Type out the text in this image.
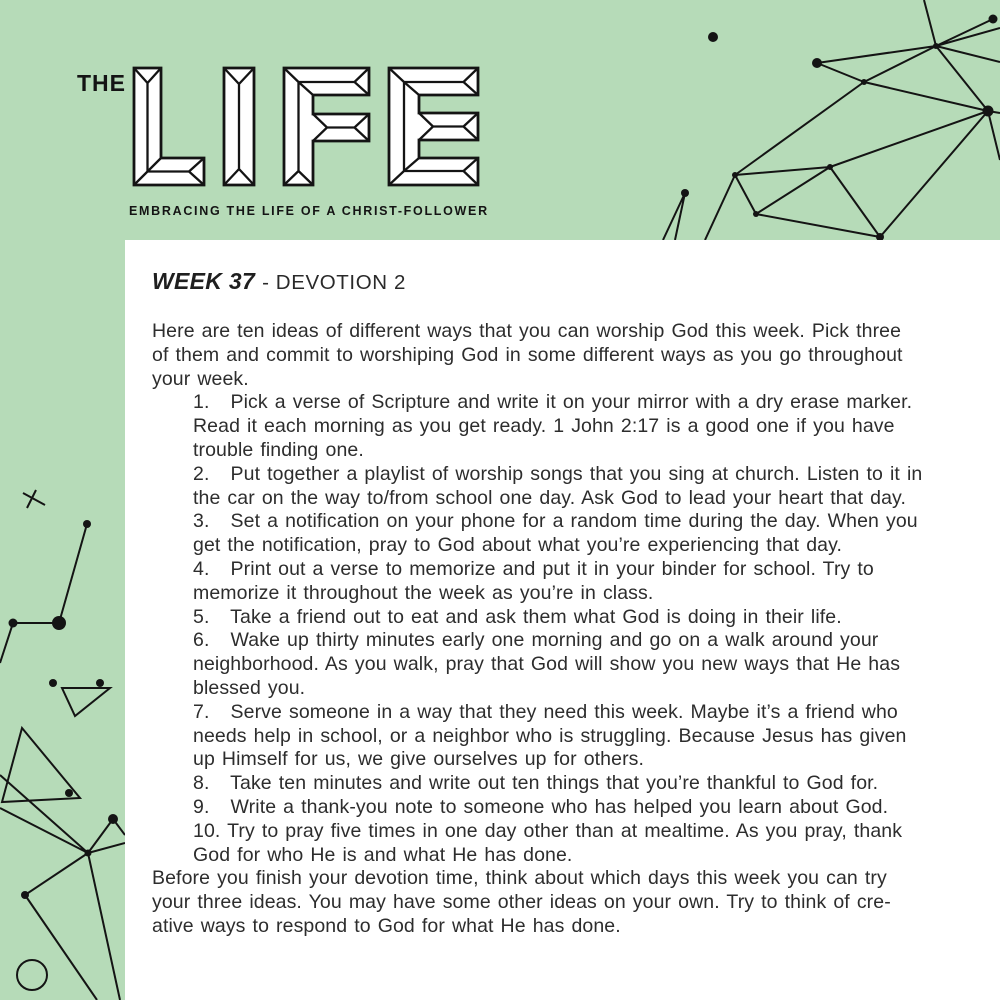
THE
EMBRACING THE LIFE OF A CHRIST-FOLLOWER
WEEK 37 - DEVOTION 2
Here are ten ideas of different ways that you can worship God this week. Pick three
of them and commit to worshiping God in some different ways as you go throughout
your week.
1.   Pick a verse of Scripture and write it on your mirror with a dry erase marker.
Read it each morning as you get ready. 1 John 2:17 is a good one if you have
trouble finding one.
2.   Put together a playlist of worship songs that you sing at church. Listen to it in
the car on the way to/from school one day. Ask God to lead your heart that day.
3.   Set a notification on your phone for a random time during the day. When you
get the notification, pray to God about what you’re experiencing that day.
4.   Print out a verse to memorize and put it in your binder for school. Try to
memorize it throughout the week as you’re in class.
5.   Take a friend out to eat and ask them what God is doing in their life.
6.   Wake up thirty minutes early one morning and go on a walk around your
neighborhood. As you walk, pray that God will show you new ways that He has
blessed you.
7.   Serve someone in a way that they need this week. Maybe it’s a friend who
needs help in school, or a neighbor who is struggling. Because Jesus has given
up Himself for us, we give ourselves up for others.
8.   Take ten minutes and write out ten things that you’re thankful to God for.
9.   Write a thank-you note to someone who has helped you learn about God.
10. Try to pray five times in one day other than at mealtime. As you pray, thank
God for who He is and what He has done.
Before you finish your devotion time, think about which days this week you can try
your three ideas. You may have some other ideas on your own. Try to think of cre-
ative ways to respond to God for what He has done.
